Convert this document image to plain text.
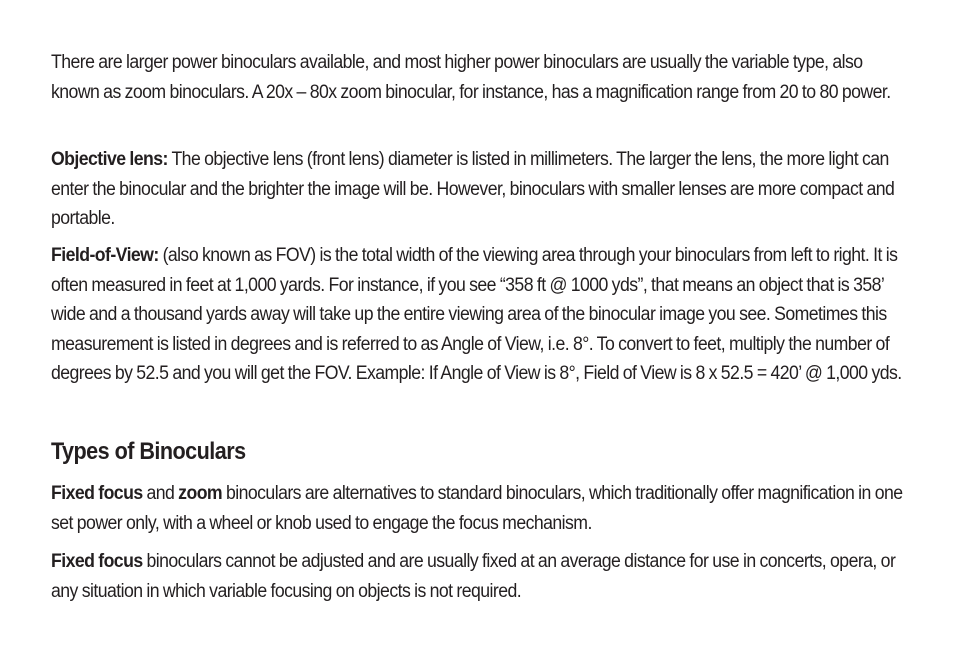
There are larger power binoculars available, and most higher power binoculars are usually the variable type, also known as zoom binoculars. A 20x – 80x zoom binocular, for instance, has a magnification range from 20 to 80 power.

Objective lens: The objective lens (front lens) diameter is listed in millimeters. The larger the lens, the more light can enter the binocular and the brighter the image will be. However, binoculars with smaller lenses are more compact and portable.

Field-of-View: (also known as FOV) is the total width of the viewing area through your binoculars from left to right. It is often measured in feet at 1,000 yards. For instance, if you see “358 ft @ 1000 yds”, that means an object that is 358’ wide and a thousand yards away will take up the entire viewing area of the binocular image you see. Sometimes this measurement is listed in degrees and is referred to as Angle of View, i.e. 8°. To convert to feet, multiply the number of degrees by 52.5 and you will get the FOV. Example: If Angle of View is 8°, Field of View is 8 x 52.5 = 420’ @ 1,000 yds.

Types of Binoculars

Fixed focus and zoom binoculars are alternatives to standard binoculars, which traditionally offer magnification in one set power only, with a wheel or knob used to engage the focus mechanism.

Fixed focus binoculars cannot be adjusted and are usually fixed at an average distance for use in concerts, opera, or any situation in which variable focusing on objects is not required.
